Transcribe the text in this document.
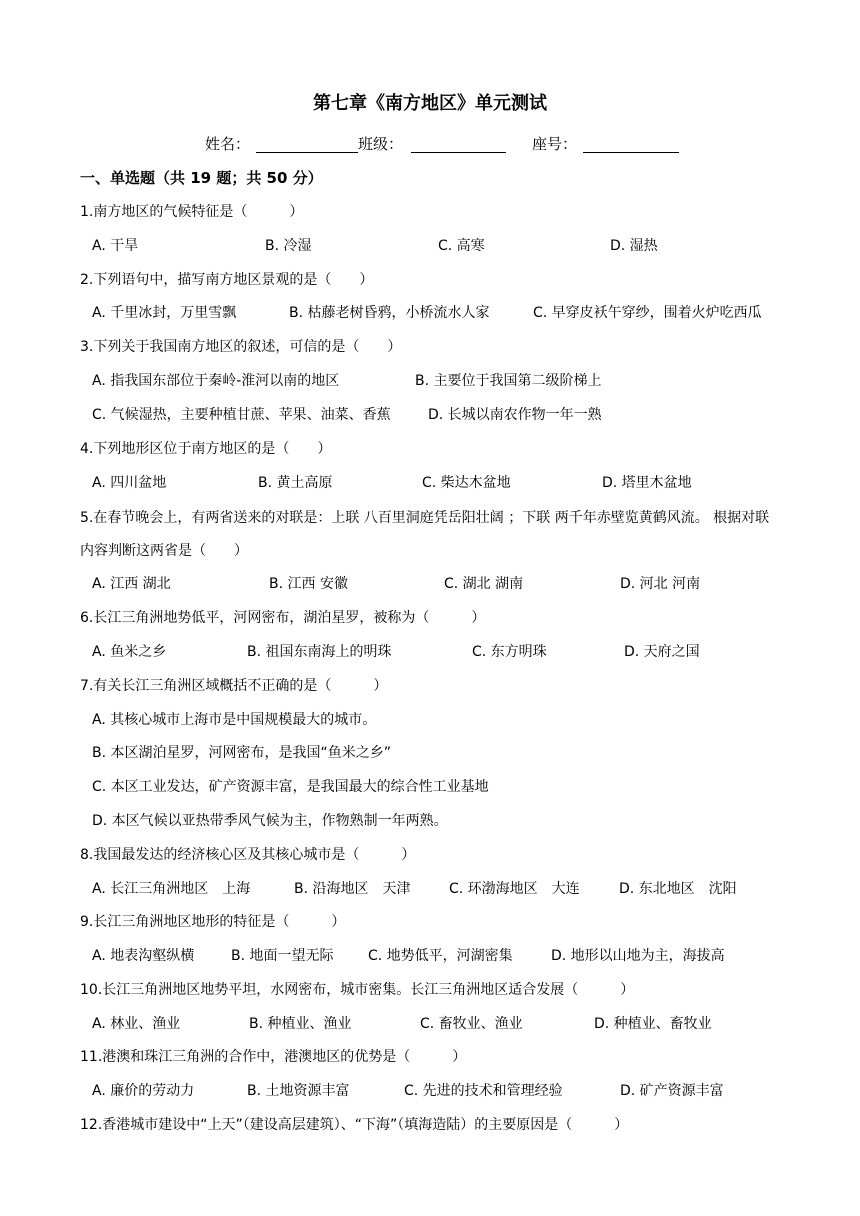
第七章《南方地区》单元测试
姓名：	班级：	座号：
一、单选题（共 19 题；共 50 分）
1.南方地区的气候特征是（　　　）
A. 干旱	B. 冷湿	C. 高寒	D. 湿热
2.下列语句中，描写南方地区景观的是（　　）
A. 千里冰封，万里雪飘	B. 枯藤老树昏鸦，小桥流水人家	C. 早穿皮袄午穿纱，围着火炉吃西瓜
3.下列关于我国南方地区的叙述，可信的是（　　）
A. 指我国东部位于秦岭-淮河以南的地区	B. 主要位于我国第二级阶梯上
C. 气候湿热，主要种植甘蔗、苹果、油菜、香蕉	D. 长城以南农作物一年一熟
4.下列地形区位于南方地区的是（　　）
A. 四川盆地	B. 黄土高原	C. 柴达木盆地	D. 塔里木盆地
5.在春节晚会上，有两省送来的对联是：上联 八百里洞庭凭岳阳壮阔 ；下联 两千年赤壁览黄鹤风流。 根据对联内容判断这两省是（　　）
A. 江西 湖北	B. 江西 安徽	C. 湖北 湖南	D. 河北 河南
6.长江三角洲地势低平，河网密布，湖泊星罗，被称为（　　　）
A. 鱼米之乡	B. 祖国东南海上的明珠	C. 东方明珠	D. 天府之国
7.有关长江三角洲区域概括不正确的是（　　　）
A. 其核心城市上海市是中国规模最大的城市。
B. 本区湖泊星罗，河网密布，是我国“鱼米之乡”
C. 本区工业发达，矿产资源丰富，是我国最大的综合性工业基地
D. 本区气候以亚热带季风气候为主，作物熟制一年两熟。
8.我国最发达的经济核心区及其核心城市是（　　　）
A. 长江三角洲地区　上海	B. 沿海地区　天津	C. 环渤海地区　大连	D. 东北地区　沈阳
9.长江三角洲地区地形的特征是（　　　）
A. 地表沟壑纵横	B. 地面一望无际 C. 地势低平，河湖密集	D. 地形以山地为主，海拔高
10.长江三角洲地区地势平坦，水网密布，城市密集。长江三角洲地区适合发展（　　　）
A. 林业、渔业	B. 种植业、渔业	C. 畜牧业、渔业	D. 种植业、畜牧业
11.港澳和珠江三角洲的合作中，港澳地区的优势是（　　　）
A. 廉价的劳动力	B. 土地资源丰富	C. 先进的技术和管理经验	D. 矿产资源丰富
12.香港城市建设中“上天”（建设高层建筑）、“下海”（填海造陆）的主要原因是（　　　）
